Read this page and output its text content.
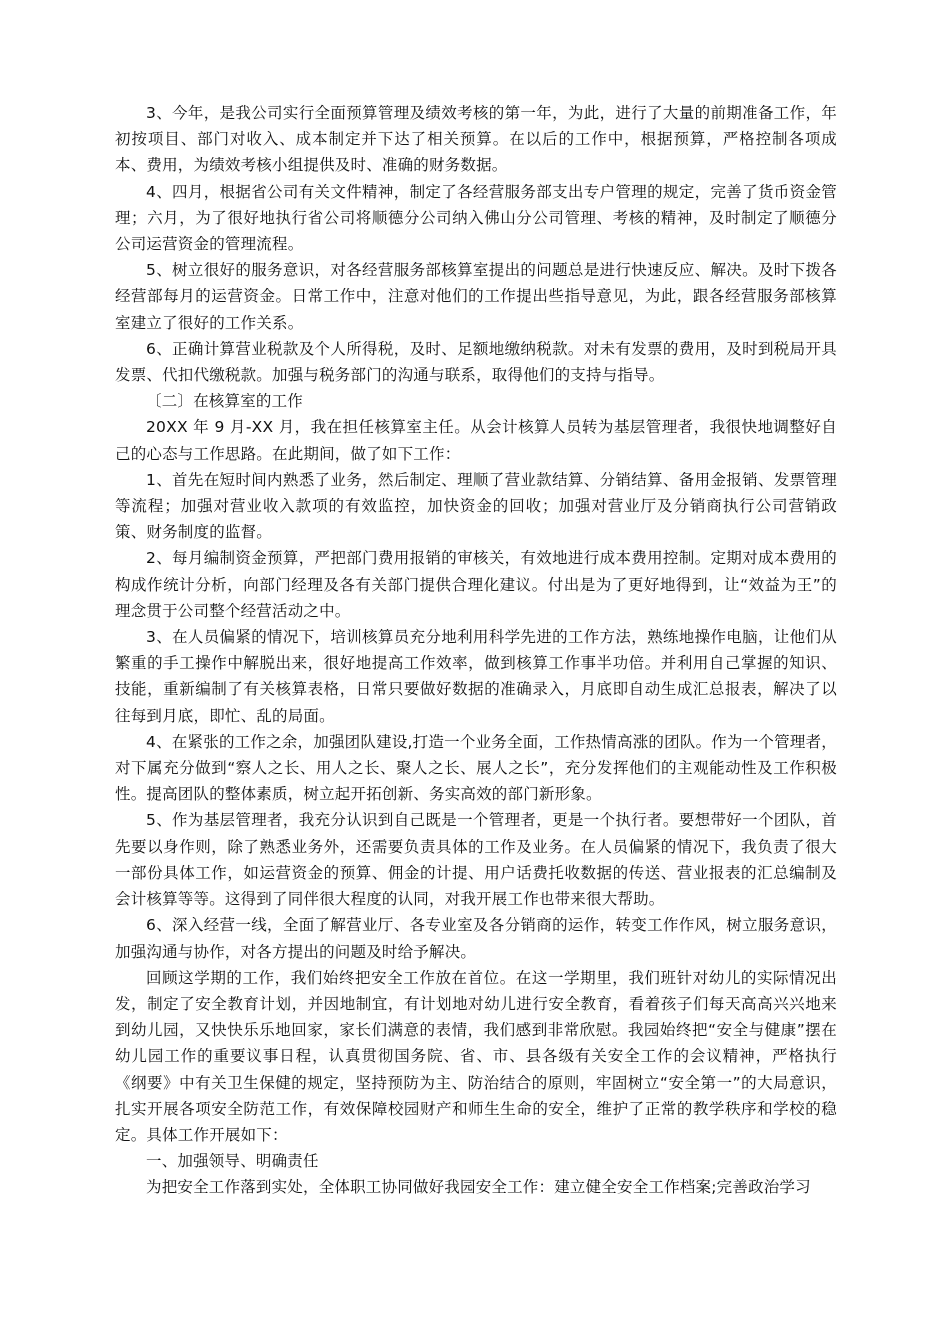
3、今年，是我公司实行全面预算管理及绩效考核的第一年，为此，进行了大量的前期准备工作，年初按项目、部门对收入、成本制定并下达了相关预算。在以后的工作中，根据预算，严格控制各项成本、费用，为绩效考核小组提供及时、准确的财务数据。

4、四月，根据省公司有关文件精神，制定了各经营服务部支出专户管理的规定，完善了货币资金管理；六月，为了很好地执行省公司将顺德分公司纳入佛山分公司管理、考核的精神，及时制定了顺德分公司运营资金的管理流程。

5、树立很好的服务意识，对各经营服务部核算室提出的问题总是进行快速反应、解决。及时下拨各经营部每月的运营资金。日常工作中，注意对他们的工作提出些指导意见，为此，跟各经营服务部核算室建立了很好的工作关系。

6、正确计算营业税款及个人所得税，及时、足额地缴纳税款。对未有发票的费用，及时到税局开具发票、代扣代缴税款。加强与税务部门的沟通与联系，取得他们的支持与指导。

〔二〕在核算室的工作

20XX 年 9 月-XX 月，我在担任核算室主任。从会计核算人员转为基层管理者，我很快地调整好自己的心态与工作思路。在此期间，做了如下工作：

1、首先在短时间内熟悉了业务，然后制定、理顺了营业款结算、分销结算、备用金报销、发票管理等流程；加强对营业收入款项的有效监控，加快资金的回收；加强对营业厅及分销商执行公司营销政策、财务制度的监督。

2、每月编制资金预算，严把部门费用报销的审核关，有效地进行成本费用控制。定期对成本费用的构成作统计分析，向部门经理及各有关部门提供合理化建议。付出是为了更好地得到，让“效益为王”的理念贯于公司整个经营活动之中。

3、在人员偏紧的情况下，培训核算员充分地利用科学先进的工作方法，熟练地操作电脑，让他们从繁重的手工操作中解脱出来，很好地提高工作效率，做到核算工作事半功倍。并利用自己掌握的知识、技能，重新编制了有关核算表格，日常只要做好数据的准确录入，月底即自动生成汇总报表，解决了以往每到月底，即忙、乱的局面。

4、在紧张的工作之余，加强团队建设,打造一个业务全面，工作热情高涨的团队。作为一个管理者，对下属充分做到“察人之长、用人之长、聚人之长、展人之长”，充分发挥他们的主观能动性及工作积极性。提高团队的整体素质，树立起开拓创新、务实高效的部门新形象。

5、作为基层管理者，我充分认识到自己既是一个管理者，更是一个执行者。要想带好一个团队，首先要以身作则，除了熟悉业务外，还需要负责具体的工作及业务。在人员偏紧的情况下，我负责了很大一部份具体工作，如运营资金的预算、佣金的计提、用户话费托收数据的传送、营业报表的汇总编制及会计核算等等。这得到了同伴很大程度的认同，对我开展工作也带来很大帮助。

6、深入经营一线，全面了解营业厅、各专业室及各分销商的运作，转变工作作风，树立服务意识，加强沟通与协作，对各方提出的问题及时给予解决。

回顾这学期的工作，我们始终把安全工作放在首位。在这一学期里，我们班针对幼儿的实际情况出发，制定了安全教育计划，并因地制宜，有计划地对幼儿进行安全教育，看着孩子们每天高高兴兴地来到幼儿园，又快快乐乐地回家，家长们满意的表情，我们感到非常欣慰。我园始终把“安全与健康”摆在幼儿园工作的重要议事日程，认真贯彻国务院、省、市、县各级有关安全工作的会议精神，严格执行《纲要》中有关卫生保健的规定，坚持预防为主、防治结合的原则，牢固树立“安全第一”的大局意识，扎实开展各项安全防范工作，有效保障校园财产和师生生命的安全，维护了正常的教学秩序和学校的稳定。具体工作开展如下：

一、加强领导、明确责任

为把安全工作落到实处，全体职工协同做好我园安全工作：建立健全安全工作档案;完善政治学习
